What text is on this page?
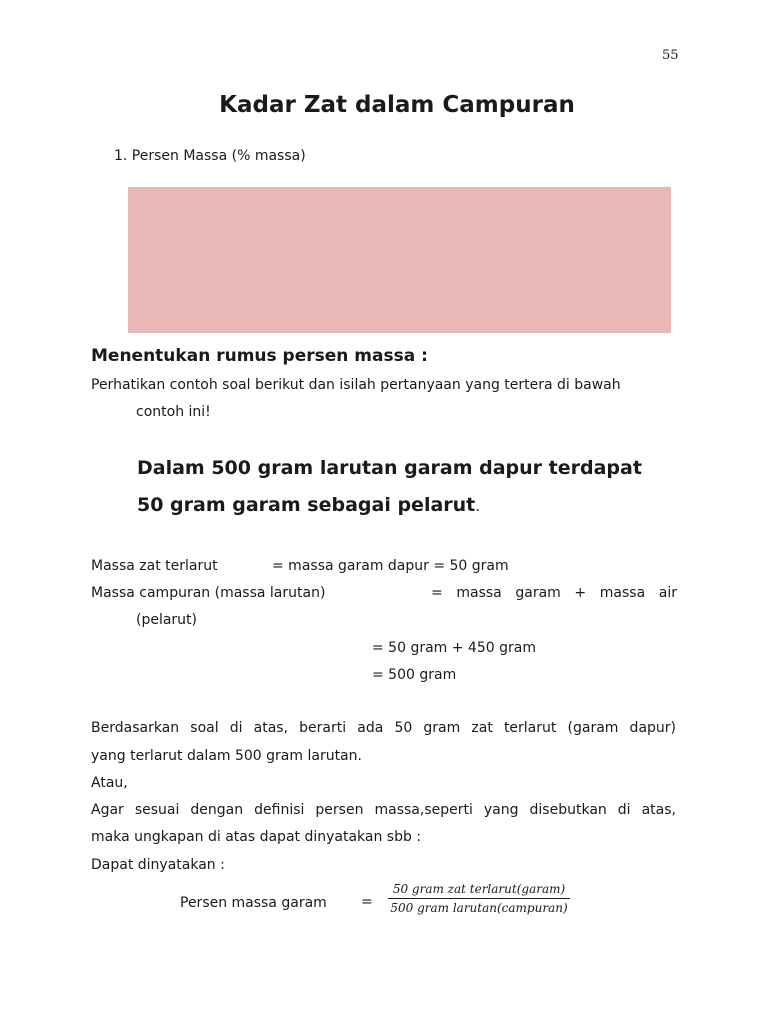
55
Kadar Zat dalam Campuran
1. Persen Massa (% massa)
Menentukan rumus persen massa :
Perhatikan contoh soal berikut dan isilah pertanyaan yang tertera di bawah
contoh ini!
Dalam 500 gram larutan garam dapur terdapat
50 gram garam sebagai pelarut.
Massa zat terlarut	= massa garam dapur = 50 gram
Massa campuran (massa larutan)	= massa garam + massa air
(pelarut)
= 50 gram + 450 gram
= 500 gram
Berdasarkan soal di atas, berarti ada 50 gram zat terlarut (garam dapur)
yang terlarut dalam 500 gram larutan.
Atau,
Agar sesuai dengan definisi persen massa,seperti yang disebutkan di atas,
maka ungkapan di atas dapat dinyatakan sbb :
Dapat dinyatakan :
Persen massa garam =
50 gram zat terlarut(garam)
500 gram larutan(campuran)
